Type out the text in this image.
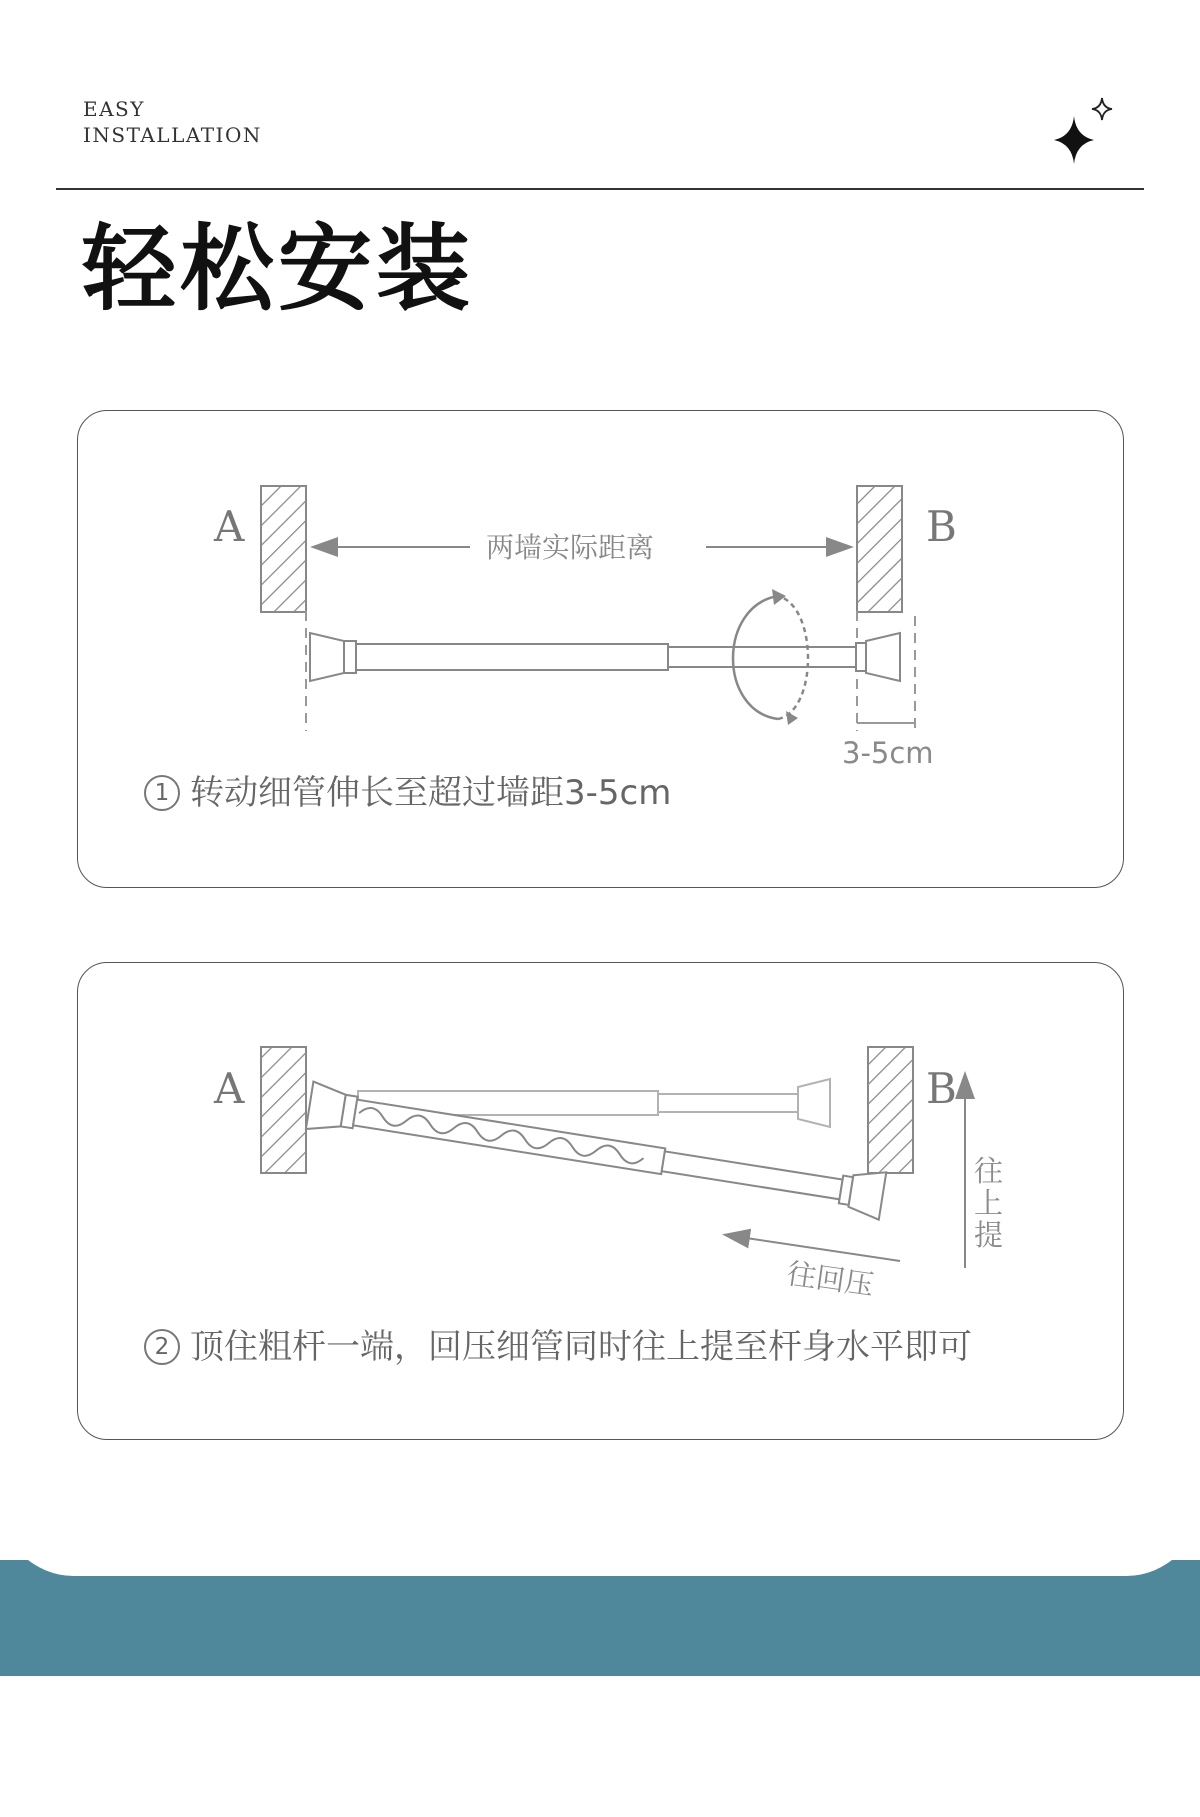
EASY
INSTALLATION
轻松安装
A	B
两墙实际距离
3-5cm
1 转动细管伸长至超过墙距3-5cm
A	B
往回压
往
上
提
2 顶住粗杆一端，回压细管同时往上提至杆身水平即可
